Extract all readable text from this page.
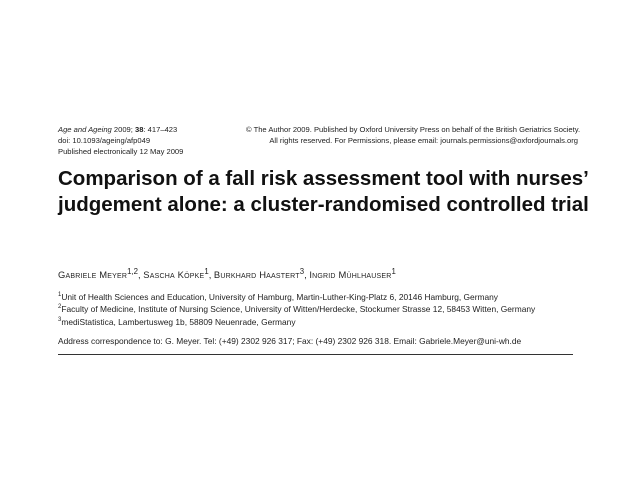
Age and Ageing 2009; 38: 417–423
doi: 10.1093/ageing/afp049
Published electronically 12 May 2009
© The Author 2009. Published by Oxford University Press on behalf of the British Geriatrics Society.
All rights reserved. For Permissions, please email: journals.permissions@oxfordjournals.org
Comparison of a fall risk assessment tool with nurses’ judgement alone: a cluster-randomised controlled trial
Gabriele Meyer$^{1,2}$, Sascha Köpke$^1$, Burkhard Haastert$^3$, Ingrid Mühlhauser$^1$
$^1$Unit of Health Sciences and Education, University of Hamburg, Martin-Luther-King-Platz 6, 20146 Hamburg, Germany
$^2$Faculty of Medicine, Institute of Nursing Science, University of Witten/Herdecke, Stockumer Strasse 12, 58453 Witten, Germany
$^3$mediStatistica, Lambertusweg 1b, 58809 Neuenrade, Germany
Address correspondence to: G. Meyer. Tel: (+49) 2302 926 317; Fax: (+49) 2302 926 318. Email: Gabriele.Meyer@uni-wh.de
